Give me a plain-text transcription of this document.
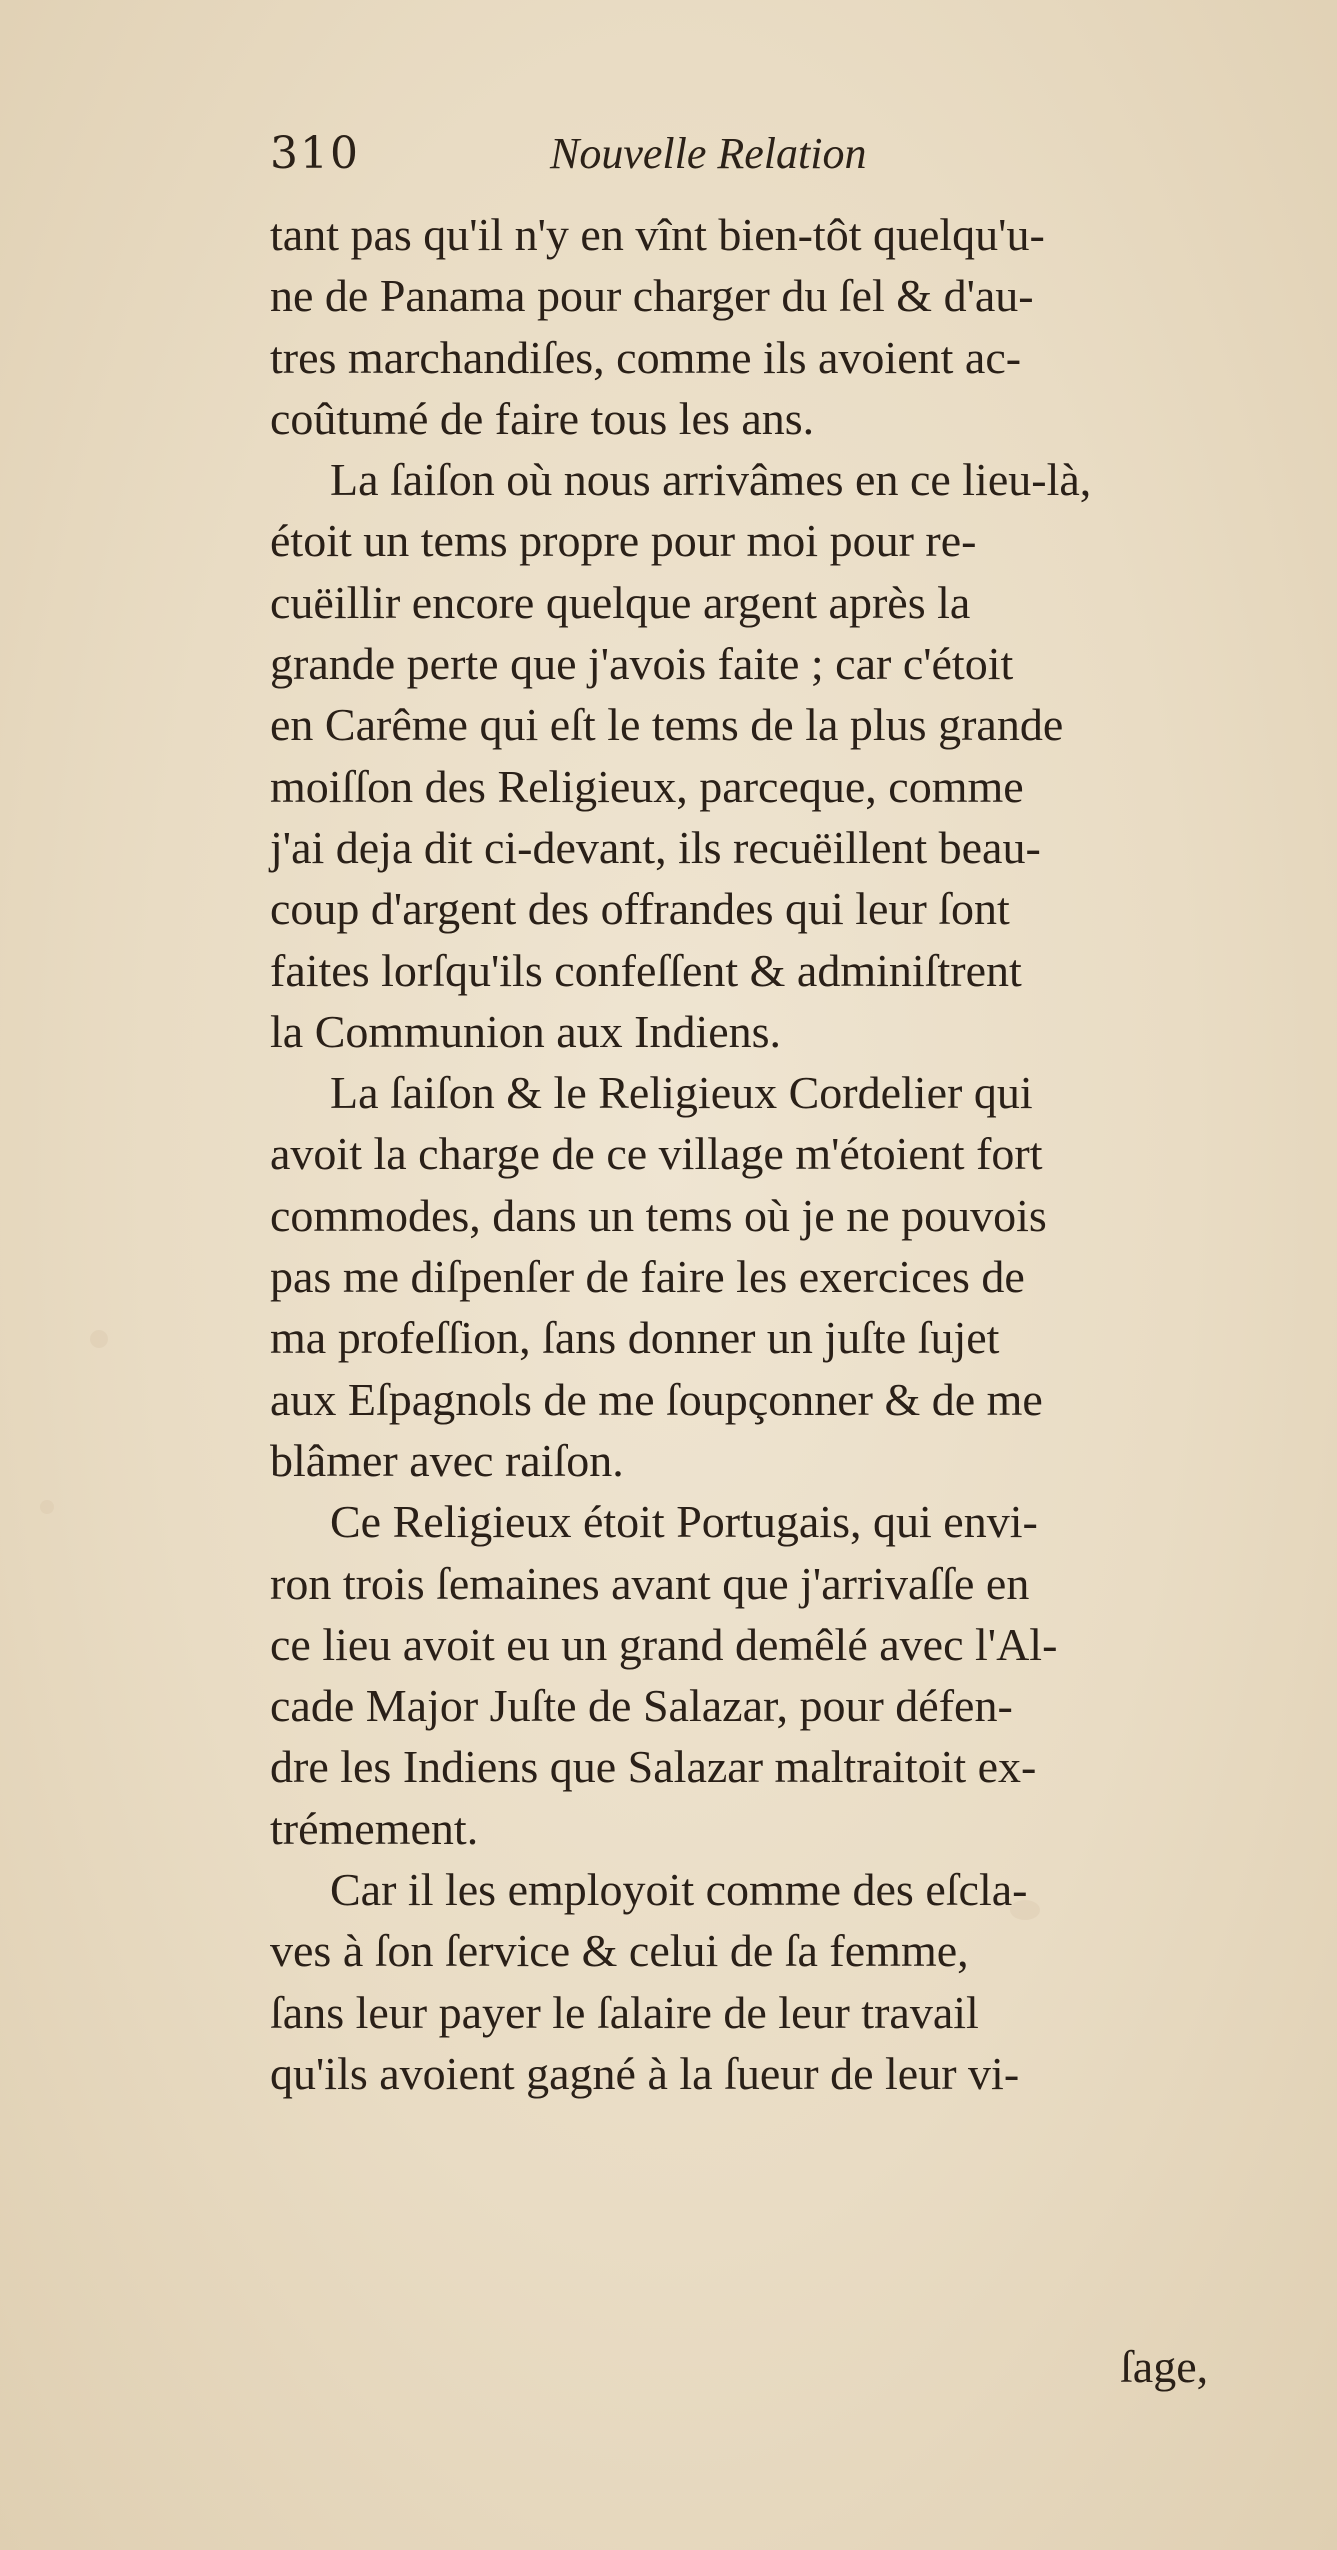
310	Nouvelle Relation
tant pas qu'il n'y en vînt bien-tôt quelqu'u-
ne de Panama pour charger du ſel & d'au-
tres marchandiſes, comme ils avoient ac-
coûtumé de faire tous les ans.
La ſaiſon où nous arrivâmes en ce lieu-là,
étoit un tems propre pour moi pour re-
cuëillir encore quelque argent après la
grande perte que j'avois faite ; car c'étoit
en Carême qui eſt le tems de la plus grande
moiſſon des Religieux, parceque, comme
j'ai deja dit ci-devant, ils recuëillent beau-
coup d'argent des offrandes qui leur ſont
faites lorſqu'ils confeſſent & adminiſtrent
la Communion aux Indiens.
La ſaiſon & le Religieux Cordelier qui
avoit la charge de ce village m'étoient fort
commodes, dans un tems où je ne pouvois
pas me diſpenſer de faire les exercices de
ma profeſſion, ſans donner un juſte ſujet
aux Eſpagnols de me ſoupçonner & de me
blâmer avec raiſon.
Ce Religieux étoit Portugais, qui envi-
ron trois ſemaines avant que j'arrivaſſe en
ce lieu avoit eu un grand demêlé avec l'Al-
cade Major Juſte de Salazar, pour défen-
dre les Indiens que Salazar maltraitoit ex-
trémement.
Car il les employoit comme des eſcla-
ves à ſon ſervice & celui de ſa femme,
ſans leur payer le ſalaire de leur travail
qu'ils avoient gagné à la ſueur de leur vi-
ſage,
